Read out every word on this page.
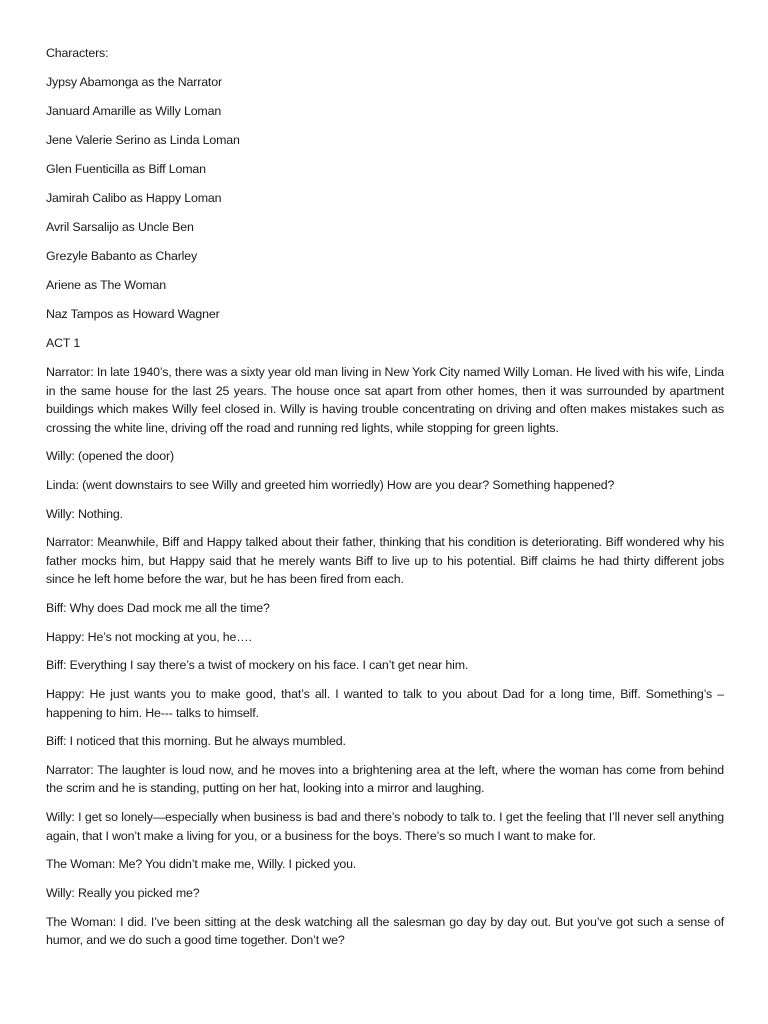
Characters:

Jypsy Abamonga as the Narrator

Januard Amarille as Willy Loman

Jene Valerie Serino as Linda Loman

Glen Fuenticilla as Biff Loman

Jamirah Calibo as Happy Loman

Avril Sarsalijo as Uncle Ben

Grezyle Babanto as Charley

Ariene as The Woman

Naz Tampos as Howard Wagner

ACT 1

Narrator: In late 1940’s, there was a sixty year old man living in New York City named Willy Loman. He lived with his wife, Linda in the same house for the last 25 years. The house once sat apart from other homes, then it was surrounded by apartment buildings which makes Willy feel closed in. Willy is having trouble concentrating on driving and often makes mistakes such as crossing the white line, driving off the road and running red lights, while stopping for green lights.

Willy: (opened the door)

Linda: (went downstairs to see Willy and greeted him worriedly) How are you dear? Something happened?

Willy: Nothing.

Narrator: Meanwhile, Biff and Happy talked about their father, thinking that his condition is deteriorating. Biff wondered why his father mocks him, but Happy said that he merely wants Biff to live up to his potential. Biff claims he had thirty different jobs since he left home before the war, but he has been fired from each.

Biff: Why does Dad mock me all the time?

Happy: He’s not mocking at you, he….

Biff: Everything I say there’s a twist of mockery on his face. I can’t get near him.

Happy: He just wants you to make good, that’s all. I wanted to talk to you about Dad for a long time, Biff. Something’s – happening to him. He--- talks to himself.

Biff: I noticed that this morning. But he always mumbled.

Narrator: The laughter is loud now, and he moves into a brightening area at the left, where the woman has come from behind the scrim and he is standing, putting on her hat, looking into a mirror and laughing.

Willy: I get so lonely—especially when business is bad and there’s nobody to talk to. I get the feeling that I’ll never sell anything again, that I won’t make a living for you, or a business for the boys. There’s so much I want to make for.

The Woman: Me? You didn’t make me, Willy. I picked you.

Willy: Really you picked me?

The Woman: I did. I’ve been sitting at the desk watching all the salesman go day by day out. But you’ve got such a sense of humor, and we do such a good time together. Don’t we?
